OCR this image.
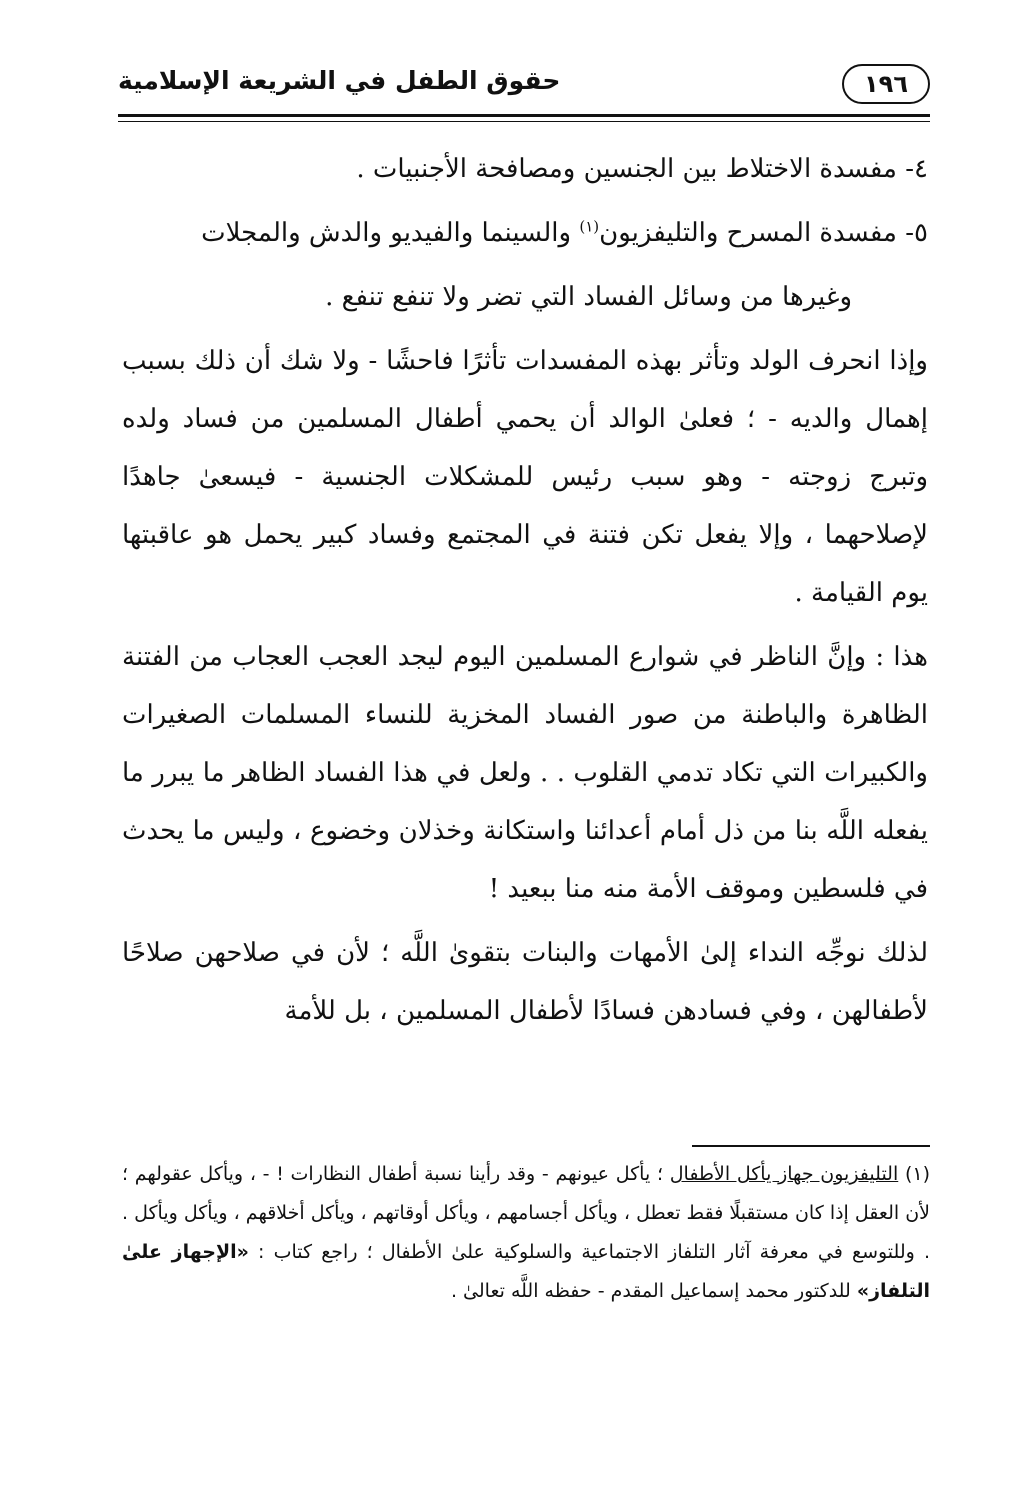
١٩٦
حقوق الطفل في الشريعة الإسلامية

٤- مفسدة الاختلاط بين الجنسين ومصافحة الأجنبيات .

٥- مفسدة المسرح والتليفزيون$^{(١)}$ والسينما والفيديو والدش والمجلات

وغيرها من وسائل الفساد التي تضر ولا تنفع تنفع .

وإذا انحرف الولد وتأثر بهذه المفسدات تأثرًا فاحشًا - ولا شك أن ذلك بسبب إهمال والديه - ؛ فعلىٰ الوالد أن يحمي أطفال المسلمين من فساد ولده وتبرج زوجته - وهو سبب رئيس للمشكلات الجنسية - فيسعىٰ جاهدًا لإصلاحهما ، وإلا يفعل تكن فتنة في المجتمع وفساد كبير يحمل هو عاقبتها يوم القيامة .

هذا : وإنَّ الناظر في شوارع المسلمين اليوم ليجد العجب العجاب من الفتنة الظاهرة والباطنة من صور الفساد المخزية للنساء المسلمات الصغيرات والكبيرات التي تكاد تدمي القلوب . . ولعل في هذا الفساد الظاهر ما يبرر ما يفعله اللَّه بنا من ذل أمام أعدائنا واستكانة وخذلان وخضوع ، وليس ما يحدث في فلسطين وموقف الأمة منه منا ببعيد !

لذلك نوجِّه النداء إلىٰ الأمهات والبنات بتقوىٰ اللَّه ؛ لأن في صلاحهن صلاحًا لأطفالهن ، وفي فسادهن فسادًا لأطفال المسلمين ، بل للأمة

(١) التليفزيون جهاز يأكل الأطفال ؛ يأكل عيونهم - وقد رأينا نسبة أطفال النظارات ! - ، ويأكل عقولهم ؛ لأن العقل إذا كان مستقبلًا فقط تعطل ، ويأكل أجسامهم ، ويأكل أوقاتهم ، ويأكل أخلاقهم ، ويأكل ويأكل . . وللتوسع في معرفة آثار التلفاز الاجتماعية والسلوكية علىٰ الأطفال ؛ راجع كتاب : «الإجهاز علىٰ التلفاز» للدكتور محمد إسماعيل المقدم - حفظه اللَّه تعالىٰ .
